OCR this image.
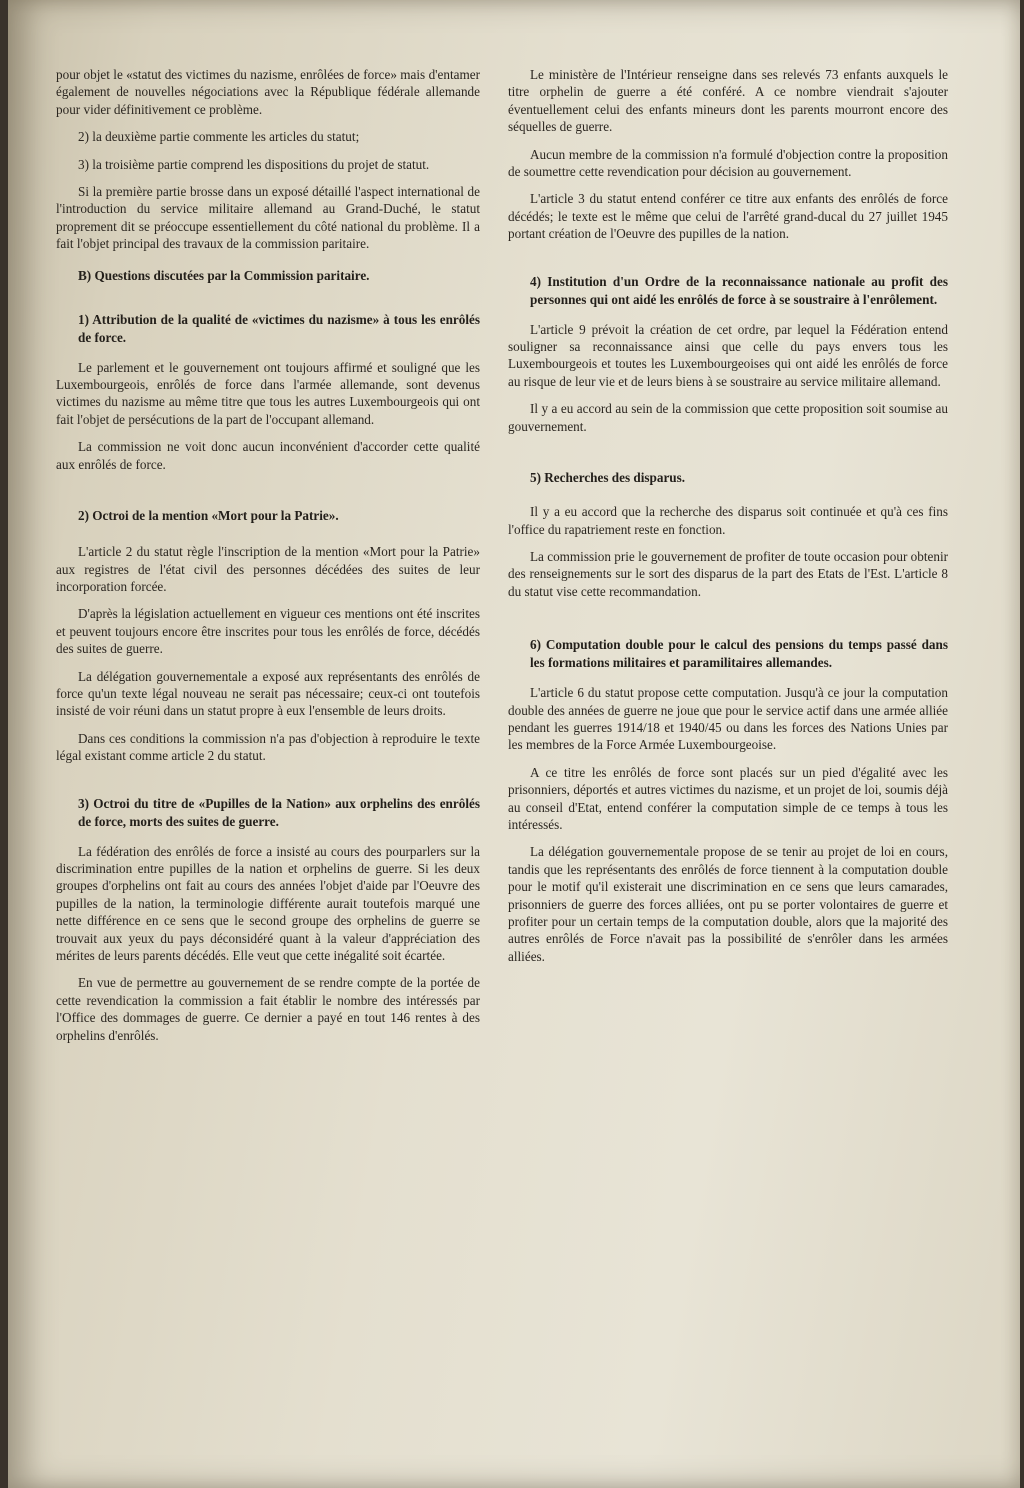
pour objet le «statut des victimes du nazisme, enrôlées de force» mais d'entamer également de nouvelles négociations avec la République fédérale allemande pour vider définitivement ce problème.

2) la deuxième partie commente les articles du statut;

3) la troisième partie comprend les dispositions du projet de statut.

Si la première partie brosse dans un exposé détaillé l'aspect international de l'introduction du service militaire allemand au Grand-Duché, le statut proprement dit se préoccupe essentiellement du côté national du problème. Il a fait l'objet principal des travaux de la commission paritaire.

B) Questions discutées par la Commission paritaire.
1) Attribution de la qualité de «victimes du nazisme» à tous les enrôlés de force.

Le parlement et le gouvernement ont toujours affirmé et souligné que les Luxembourgeois, enrôlés de force dans l'armée allemande, sont devenus victimes du nazisme au même titre que tous les autres Luxembourgeois qui ont fait l'objet de persécutions de la part de l'occupant allemand.

La commission ne voit donc aucun inconvénient d'accorder cette qualité aux enrôlés de force.

2) Octroi de la mention «Mort pour la Patrie».

L'article 2 du statut règle l'inscription de la mention «Mort pour la Patrie» aux registres de l'état civil des personnes décédées des suites de leur incorporation forcée.

D'après la législation actuellement en vigueur ces mentions ont été inscrites et peuvent toujours encore être inscrites pour tous les enrôlés de force, décédés des suites de guerre.

La délégation gouvernementale a exposé aux représentants des enrôlés de force qu'un texte légal nouveau ne serait pas nécessaire; ceux-ci ont toutefois insisté de voir réuni dans un statut propre à eux l'ensemble de leurs droits.

Dans ces conditions la commission n'a pas d'objection à reproduire le texte légal existant comme article 2 du statut.

3) Octroi du titre de «Pupilles de la Nation» aux orphelins des enrôlés de force, morts des suites de guerre.

La fédération des enrôlés de force a insisté au cours des pourparlers sur la discrimination entre pupilles de la nation et orphelins de guerre. Si les deux groupes d'orphelins ont fait au cours des années l'objet d'aide par l'Oeuvre des pupilles de la nation, la terminologie différente aurait toutefois marqué une nette différence en ce sens que le second groupe des orphelins de guerre se trouvait aux yeux du pays déconsidéré quant à la valeur d'appréciation des mérites de leurs parents décédés. Elle veut que cette inégalité soit écartée.

En vue de permettre au gouvernement de se rendre compte de la portée de cette revendication la commission a fait établir le nombre des intéressés par l'Office des dommages de guerre. Ce dernier a payé en tout 146 rentes à des orphelins d'enrôlés.

Le ministère de l'Intérieur renseigne dans ses relevés 73 enfants auxquels le titre orphelin de guerre a été conféré. A ce nombre viendrait s'ajouter éventuellement celui des enfants mineurs dont les parents mourront encore des séquelles de guerre.

Aucun membre de la commission n'a formulé d'objection contre la proposition de soumettre cette revendication pour décision au gouvernement.

L'article 3 du statut entend conférer ce titre aux enfants des enrôlés de force décédés; le texte est le même que celui de l'arrêté grand-ducal du 27 juillet 1945 portant création de l'Oeuvre des pupilles de la nation.

4) Institution d'un Ordre de la reconnaissance nationale au profit des personnes qui ont aidé les enrôlés de force à se soustraire à l'enrôlement.

L'article 9 prévoit la création de cet ordre, par lequel la Fédération entend souligner sa reconnaissance ainsi que celle du pays envers tous les Luxembourgeois et toutes les Luxembourgeoises qui ont aidé les enrôlés de force au risque de leur vie et de leurs biens à se soustraire au service militaire allemand.

Il y a eu accord au sein de la commission que cette proposition soit soumise au gouvernement.

5) Recherches des disparus.

Il y a eu accord que la recherche des disparus soit continuée et qu'à ces fins l'office du rapatriement reste en fonction.

La commission prie le gouvernement de profiter de toute occasion pour obtenir des renseignements sur le sort des disparus de la part des Etats de l'Est. L'article 8 du statut vise cette recommandation.

6) Computation double pour le calcul des pensions du temps passé dans les formations militaires et paramilitaires allemandes.

L'article 6 du statut propose cette computation. Jusqu'à ce jour la computation double des années de guerre ne joue que pour le service actif dans une armée alliée pendant les guerres 1914/18 et 1940/45 ou dans les forces des Nations Unies par les membres de la Force Armée Luxembourgeoise.

A ce titre les enrôlés de force sont placés sur un pied d'égalité avec les prisonniers, déportés et autres victimes du nazisme, et un projet de loi, soumis déjà au conseil d'Etat, entend conférer la computation simple de ce temps à tous les intéressés.

La délégation gouvernementale propose de se tenir au projet de loi en cours, tandis que les représentants des enrôlés de force tiennent à la computation double pour le motif qu'il existerait une discrimination en ce sens que leurs camarades, prisonniers de guerre des forces alliées, ont pu se porter volontaires de guerre et profiter pour un certain temps de la computation double, alors que la majorité des autres enrôlés de Force n'avait pas la possibilité de s'enrôler dans les armées alliées.
